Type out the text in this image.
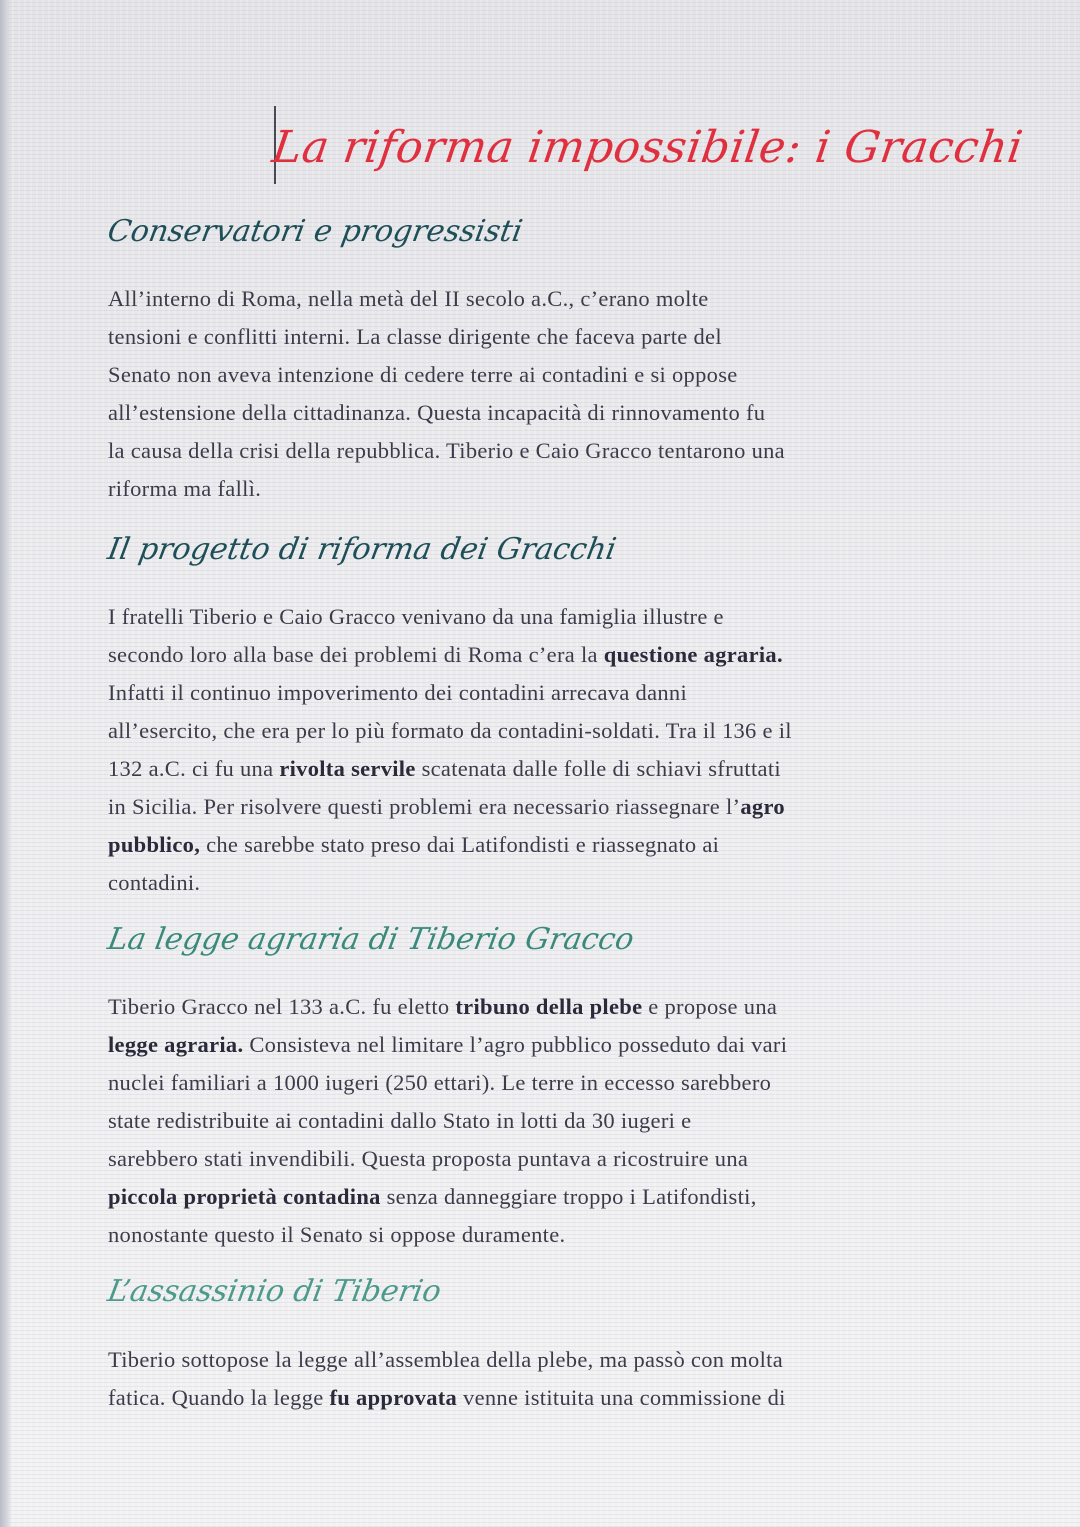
La riforma impossibile: i Gracchi
Conservatori e progressisti
All’interno di Roma, nella metà del II secolo a.C., c’erano molte
tensioni e conflitti interni. La classe dirigente che faceva parte del
Senato non aveva intenzione di cedere terre ai contadini e si oppose
all’estensione della cittadinanza. Questa incapacità di rinnovamento fu
la causa della crisi della repubblica. Tiberio e Caio Gracco tentarono una
riforma ma fallì.
Il progetto di riforma dei Gracchi
I fratelli Tiberio e Caio Gracco venivano da una famiglia illustre e
secondo loro alla base dei problemi di Roma c’era la questione agraria.
Infatti il continuo impoverimento dei contadini arrecava danni
all’esercito, che era per lo più formato da contadini-soldati. Tra il 136 e il
132 a.C. ci fu una rivolta servile scatenata dalle folle di schiavi sfruttati
in Sicilia. Per risolvere questi problemi era necessario riassegnare l’agro
pubblico, che sarebbe stato preso dai Latifondisti e riassegnato ai
contadini.
La legge agraria di Tiberio Gracco
Tiberio Gracco nel 133 a.C. fu eletto tribuno della plebe e propose una
legge agraria. Consisteva nel limitare l’agro pubblico posseduto dai vari
nuclei familiari a 1000 iugeri (250 ettari). Le terre in eccesso sarebbero
state redistribuite ai contadini dallo Stato in lotti da 30 iugeri e
sarebbero stati invendibili. Questa proposta puntava a ricostruire una
piccola proprietà contadina senza danneggiare troppo i Latifondisti,
nonostante questo il Senato si oppose duramente.
L’assassinio di Tiberio
Tiberio sottopose la legge all’assemblea della plebe, ma passò con molta
fatica. Quando la legge fu approvata venne istituita una commissione di
